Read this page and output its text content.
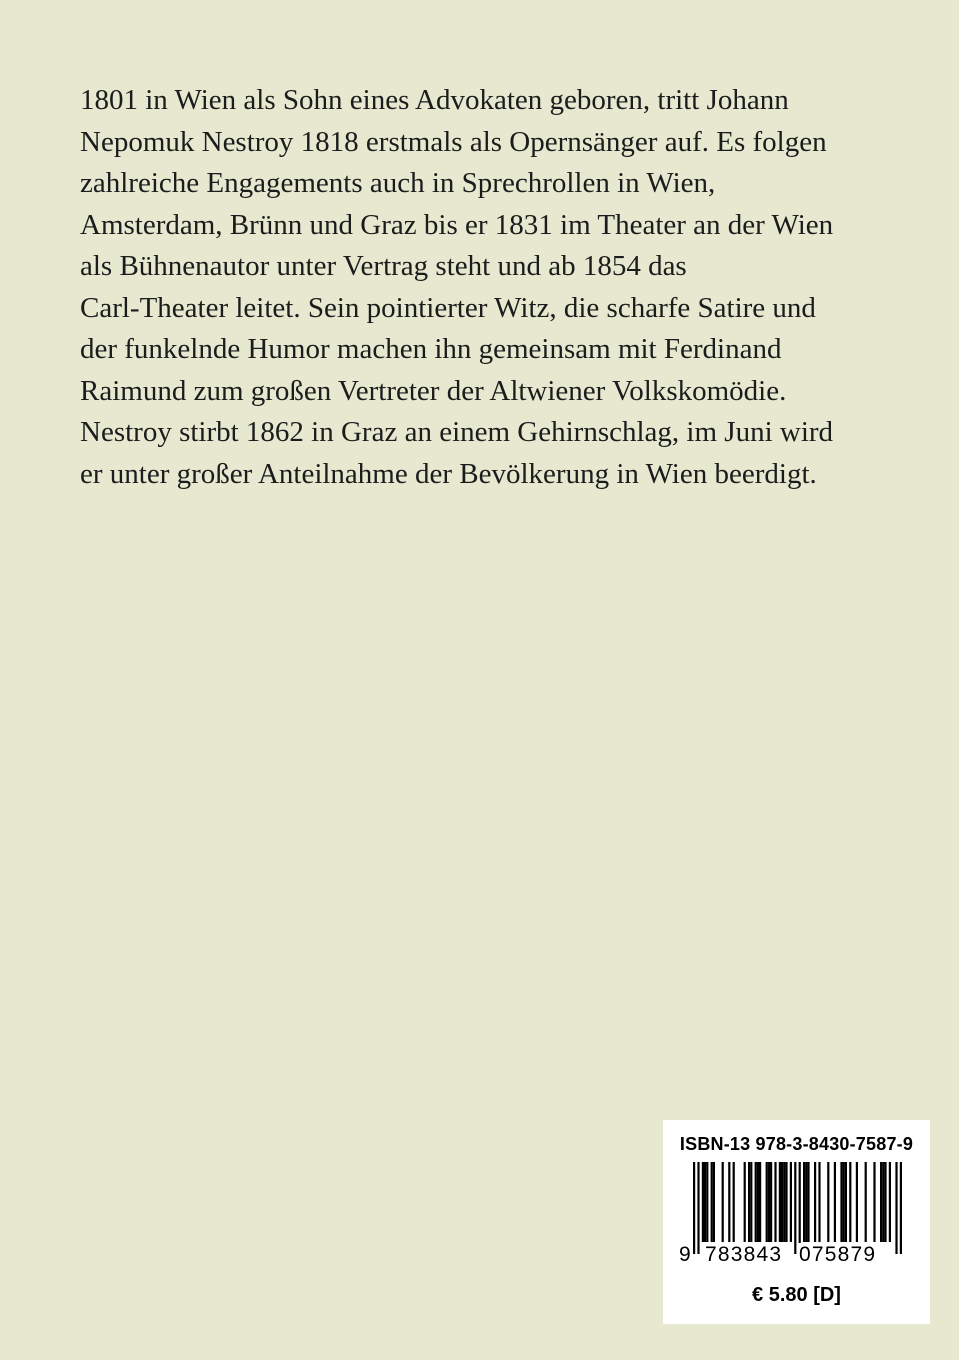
1801 in Wien als Sohn eines Advokaten geboren, tritt Johann
Nepomuk Nestroy 1818 erstmals als Opernsänger auf. Es folgen
zahlreiche Engagements auch in Sprechrollen in Wien,
Amsterdam, Brünn und Graz bis er 1831 im Theater an der Wien
als Bühnenautor unter Vertrag steht und ab 1854 das
Carl-Theater leitet. Sein pointierter Witz, die scharfe Satire und
der funkelnde Humor machen ihn gemeinsam mit Ferdinand
Raimund zum großen Vertreter der Altwiener Volkskomödie.
Nestroy stirbt 1862 in Graz an einem Gehirnschlag, im Juni wird
er unter großer Anteilnahme der Bevölkerung in Wien beerdigt.
ISBN-13 978-3-8430-7587-9
9 783843 075879
€ 5.80 [D]
